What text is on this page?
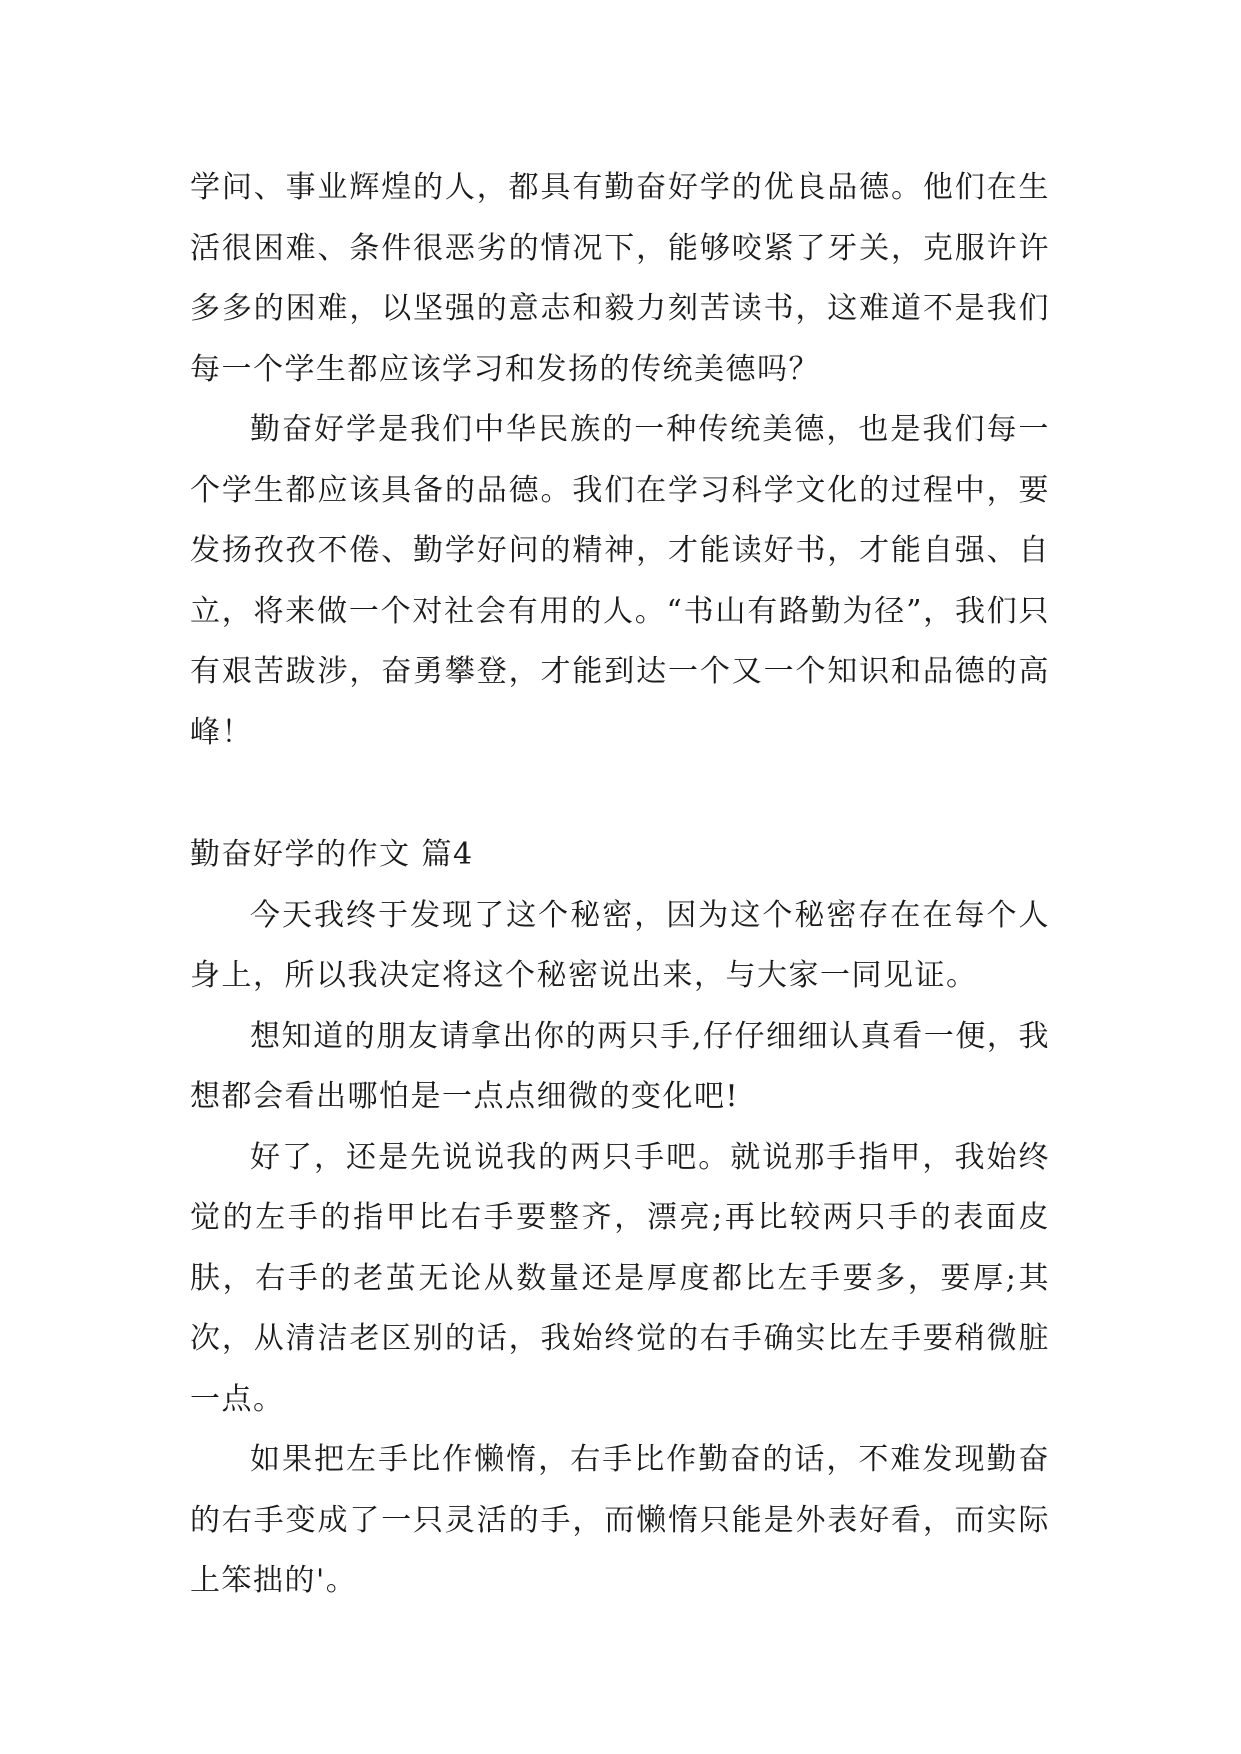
学问、事业辉煌的人，都具有勤奋好学的优良品德。他们在生活很困难、条件很恶劣的情况下，能够咬紧了牙关，克服许许多多的困难，以坚强的意志和毅力刻苦读书，这难道不是我们每一个学生都应该学习和发扬的传统美德吗？

勤奋好学是我们中华民族的一种传统美德，也是我们每一个学生都应该具备的品德。我们在学习科学文化的过程中，要发扬孜孜不倦、勤学好问的精神，才能读好书，才能自强、自立，将来做一个对社会有用的人。“书山有路勤为径”，我们只有艰苦跋涉，奋勇攀登，才能到达一个又一个知识和品德的高峰！

勤奋好学的作文 篇4

今天我终于发现了这个秘密，因为这个秘密存在在每个人身上，所以我决定将这个秘密说出来，与大家一同见证。

想知道的朋友请拿出你的两只手,仔仔细细认真看一便，我想都会看出哪怕是一点点细微的变化吧!

好了，还是先说说我的两只手吧。就说那手指甲，我始终觉的左手的指甲比右手要整齐，漂亮;再比较两只手的表面皮肤，右手的老茧无论从数量还是厚度都比左手要多，要厚;其次，从清洁老区别的话，我始终觉的右手确实比左手要稍微脏一点。

如果把左手比作懒惰，右手比作勤奋的话，不难发现勤奋的右手变成了一只灵活的手，而懒惰只能是外表好看，而实际上笨拙的'。
